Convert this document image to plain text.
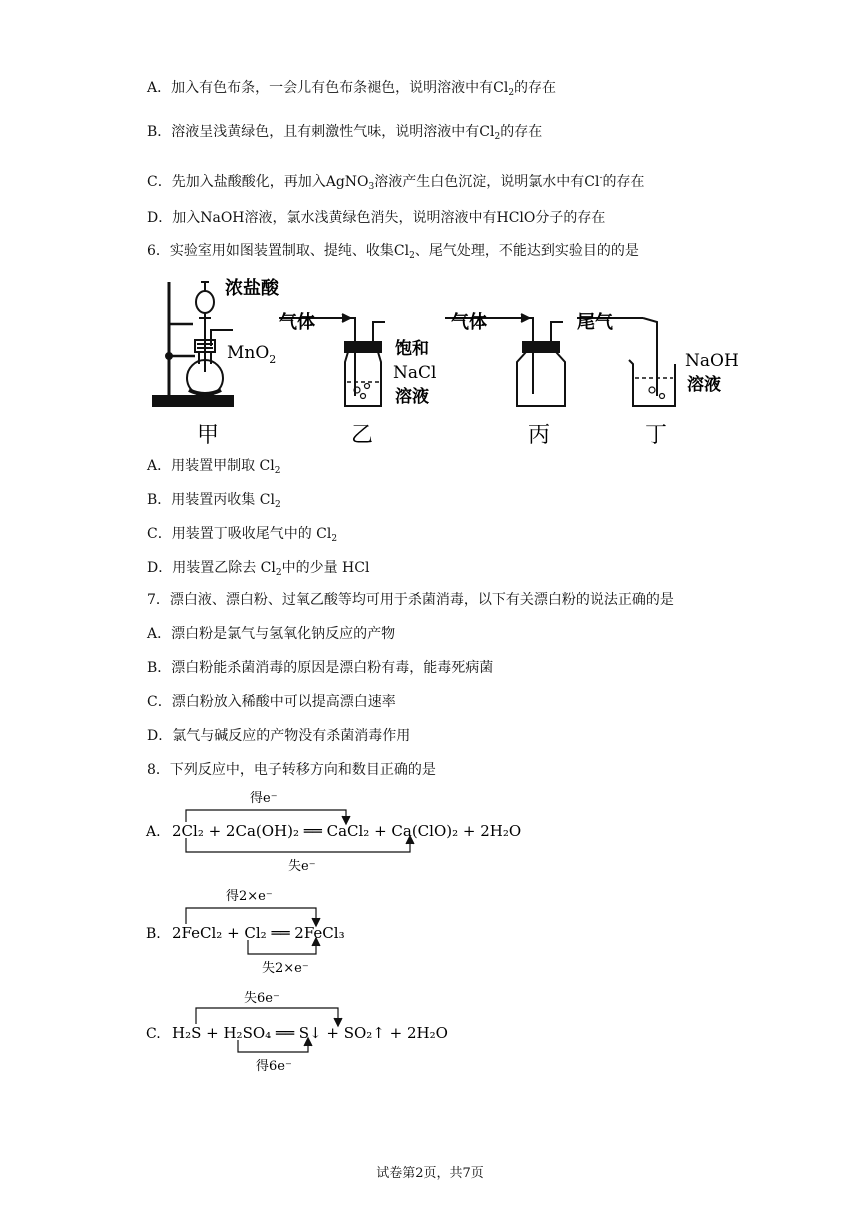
A．加入有色布条，一会儿有色布条褪色，说明溶液中有$Cl_2$的存在
B．溶液呈浅黄绿色，且有刺激性气味，说明溶液中有$Cl_2$的存在
C．先加入盐酸酸化，再加入AgNO$_3$溶液产生白色沉淀，说明氯水中有Cl-的存在
D．加入NaOH溶液，氯水浅黄绿色消失，说明溶液中有HClO分子的存在
6．实验室用如图装置制取、提纯、收集$Cl_2$、尾气处理，不能达到实验目的的是
浓盐酸
MnO$_2$
甲
气体
饱和
NaCl
溶液
乙
气体
丙
尾气
NaOH
溶液
丁
A．用装置甲制取 $Cl_2$
B．用装置丙收集 $Cl_2$
C．用装置丁吸收尾气中的 $Cl_2$
D．用装置乙除去 $Cl_2$中的少量 HCl
7．漂白液、漂白粉、过氧乙酸等均可用于杀菌消毒，以下有关漂白粉的说法正确的是
A．漂白粉是氯气与氢氧化钠反应的产物
B．漂白粉能杀菌消毒的原因是漂白粉有毒，能毒死病菌
C．漂白粉放入稀酸中可以提高漂白速率
D．氯气与碱反应的产物没有杀菌消毒作用
8．下列反应中，电子转移方向和数目正确的是
得e⁻
A. 2Cl₂ + 2Ca(OH)₂ ══ CaCl₂ + Ca(ClO)₂ + 2H₂O
失e⁻
得2×e⁻
B. 2FeCl₂ + Cl₂ ══ 2FeCl₃
失2×e⁻
失6e⁻
C. H₂S + H₂SO₄ ══ S↓ + SO₂↑ + 2H₂O
得6e⁻
试卷第2页，共7页
